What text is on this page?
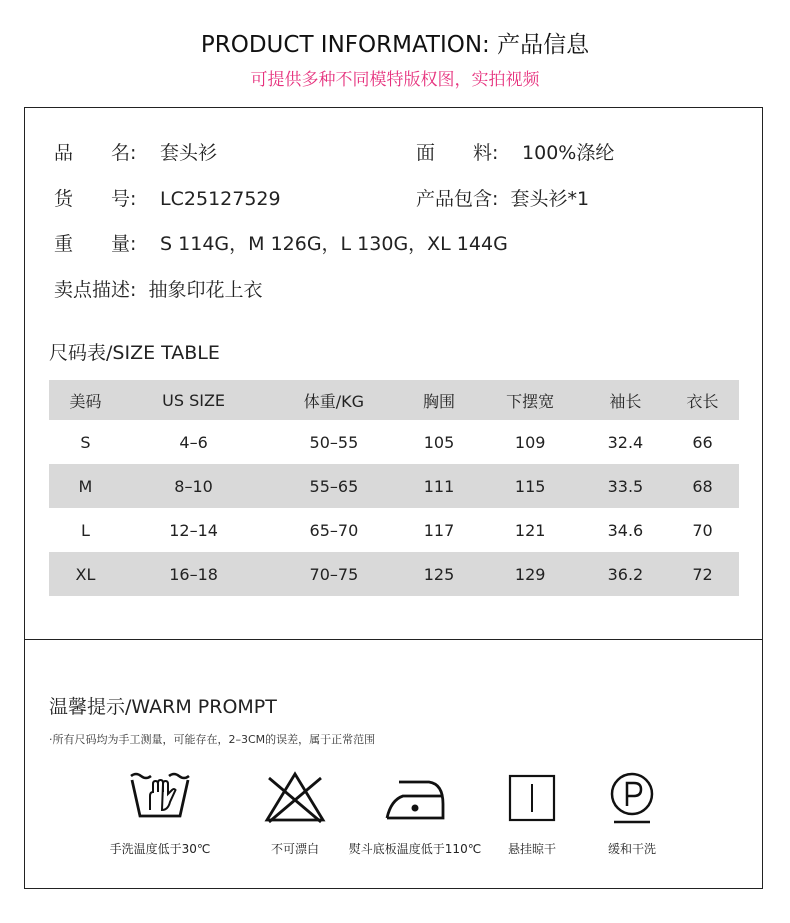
PRODUCT INFORMATION: 产品信息
可提供多种不同模特版权图，实拍视频
品 名: 套头衫	面 料: 100%涤纶
货 号: LC25127529	产品包含: 套头衫*1
重 量: S 114G，M 126G，L 130G，XL 144G
卖点描述: 抽象印花上衣
尺码表/SIZE TABLE
美码	US SIZE	体重/KG	胸围	下摆宽	袖长	衣长
S	4–6	50–55	105	109	32.4	66
M	8–10	55–65	111	115	33.5	68
L	12–14	65–70	117	121	34.6	70
XL	16–18	70–75	125	129	36.2	72
温馨提示/WARM PROMPT
·所有尺码均为手工测量，可能存在，2–3CM的误差，属于正常范围
手洗温度低于30℃	不可漂白	熨斗底板温度低于110℃	悬挂晾干	缓和干洗
